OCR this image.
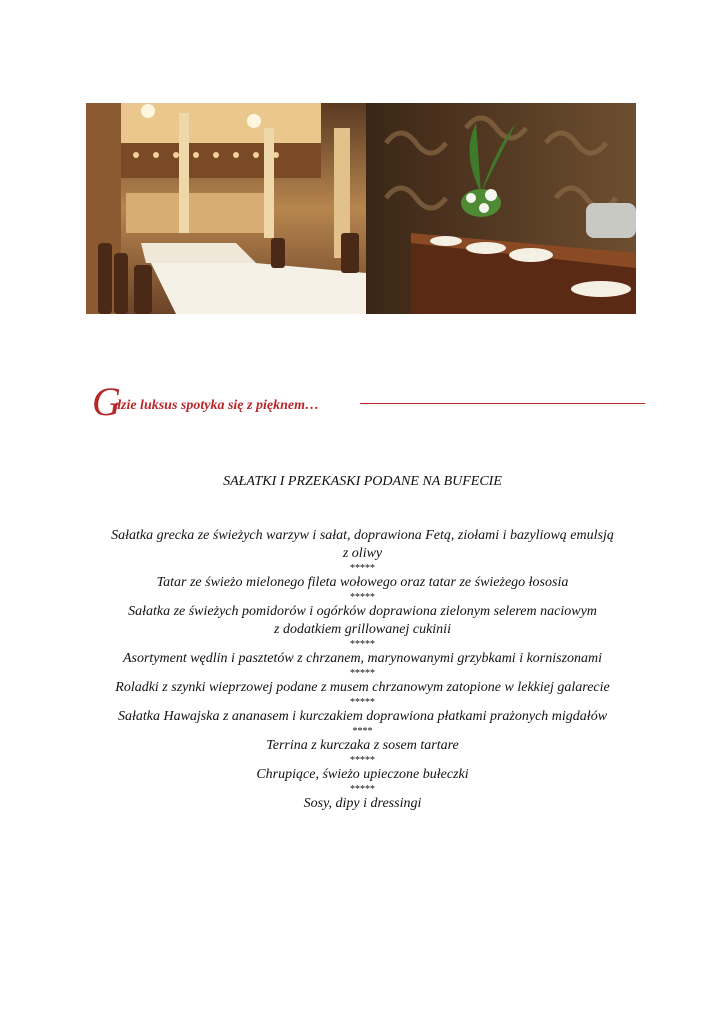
G
dzie luksus spotyka się z pięknem…
SAŁATKI I PRZEKASKI PODANE NA BUFECIE
Sałatka grecka ze świeżych warzyw i sałat, doprawiona Fetą, ziołami i bazyliową emulsją
z oliwy
*****
Tatar ze świeżo mielonego fileta wołowego oraz tatar ze świeżego łososia
*****
Sałatka ze świeżych pomidorów i ogórków doprawiona zielonym selerem naciowym
z dodatkiem grillowanej cukinii
*****
Asortyment wędlin i pasztetów z chrzanem, marynowanymi grzybkami i korniszonami
*****
Roladki z szynki wieprzowej podane z musem chrzanowym zatopione w lekkiej galarecie
*****
Sałatka Hawajska z ananasem i kurczakiem doprawiona płatkami prażonych migdałów
****
Terrina z kurczaka z sosem tartare
*****
Chrupiące, świeżo upieczone bułeczki
*****
Sosy, dipy i dressingi
